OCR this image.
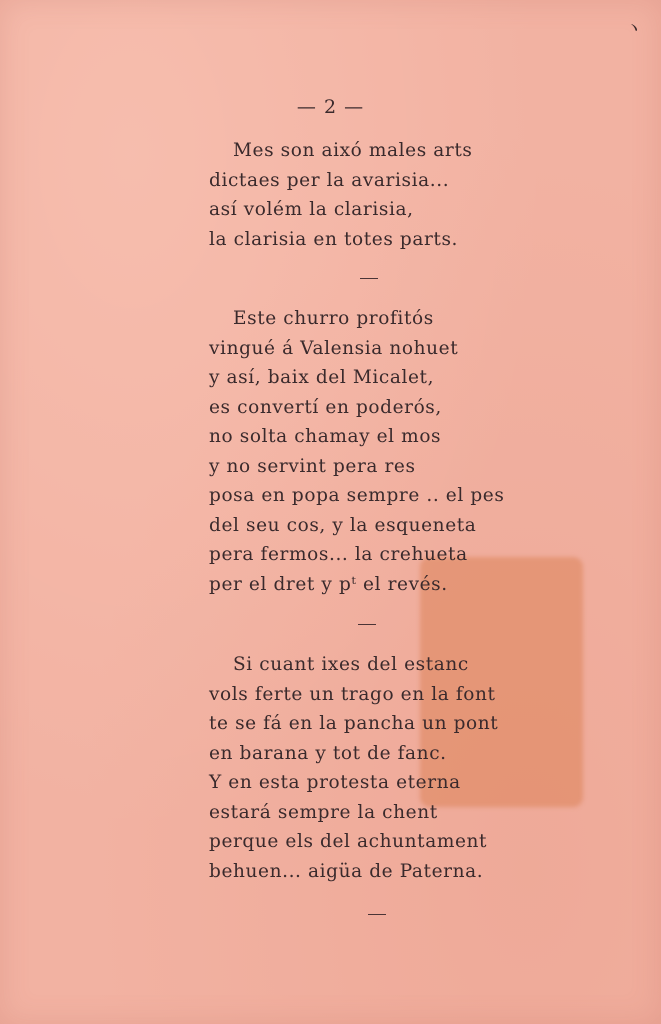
ヽ
— 2 —
Mes son aixó males arts
dictaes per la avarisia...
así volém la clarisia,
la clarisia en totes parts.
Este churro profitós
vingué á Valensia nohuet
y así, baix del Micalet,
es convertí en poderós,
no solta chamay el mos
y no servint pera res
posa en popa sempre .. el pes
del seu cos, y la esqueneta
pera fermos... la crehueta
per el dret y pᵗ el revés.
Si cuant ixes del estanc
vols ferte un trago en la font
te se fá en la pancha un pont
en barana y tot de fanc.
Y en esta protesta eterna
estará sempre la chent
perque els del achuntament
behuen... aigüa de Paterna.
